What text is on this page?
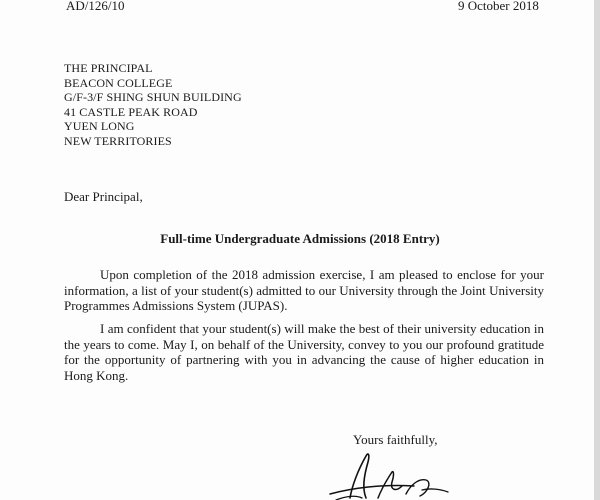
AD/126/10	9 October 2018
THE PRINCIPAL
BEACON COLLEGE
G/F-3/F SHING SHUN BUILDING
41 CASTLE PEAK ROAD
YUEN LONG
NEW TERRITORIES
Dear Principal,
Full-time Undergraduate Admissions (2018 Entry)
Upon completion of the 2018 admission exercise, I am pleased to enclose for your information, a list of your student(s) admitted to our University through the Joint University Programmes Admissions System (JUPAS).
I am confident that your student(s) will make the best of their university education in the years to come. May I, on behalf of the University, convey to you our profound gratitude for the opportunity of partnering with you in advancing the cause of higher education in Hong Kong.
Yours faithfully,
